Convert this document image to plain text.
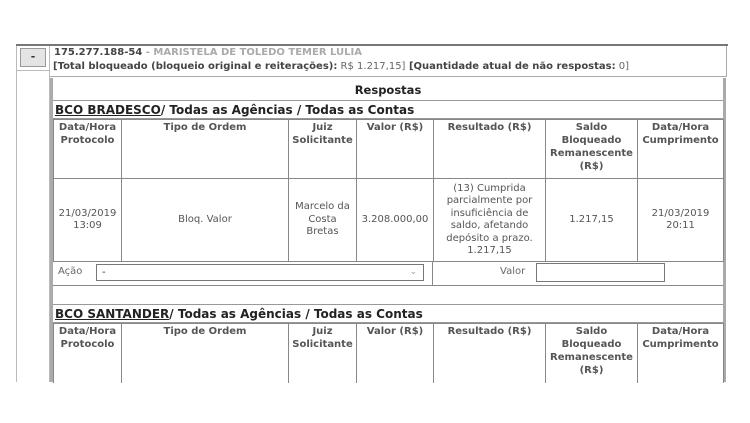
-	175.277.188-54 - MARISTELA DE TOLEDO TEMER LULIA
[Total bloqueado (bloqueio original e reiterações): R$ 1.217,15] [Quantidade atual de não respostas: 0]
Respostas
BCO BRADESCO/ Todas as Agências / Todas as Contas
Data/Hora Protocolo	Tipo de Ordem	Juiz Solicitante	Valor (R$)	Resultado (R$)	Saldo Bloqueado Remanescente (R$)	Data/Hora Cumprimento
21/03/2019 13:09	Bloq. Valor	Marcelo da Costa Bretas	3.208.000,00	(13) Cumprida parcialmente por insuficiência de saldo, afetando depósito a prazo. 1.217,15	1.217,15	21/03/2019 20:11
Ação	-	⌄	Valor
BCO SANTANDER/ Todas as Agências / Todas as Contas
Data/Hora Protocolo	Tipo de Ordem	Juiz Solicitante	Valor (R$)	Resultado (R$)	Saldo Bloqueado Remanescente (R$)	Data/Hora Cumprimento
